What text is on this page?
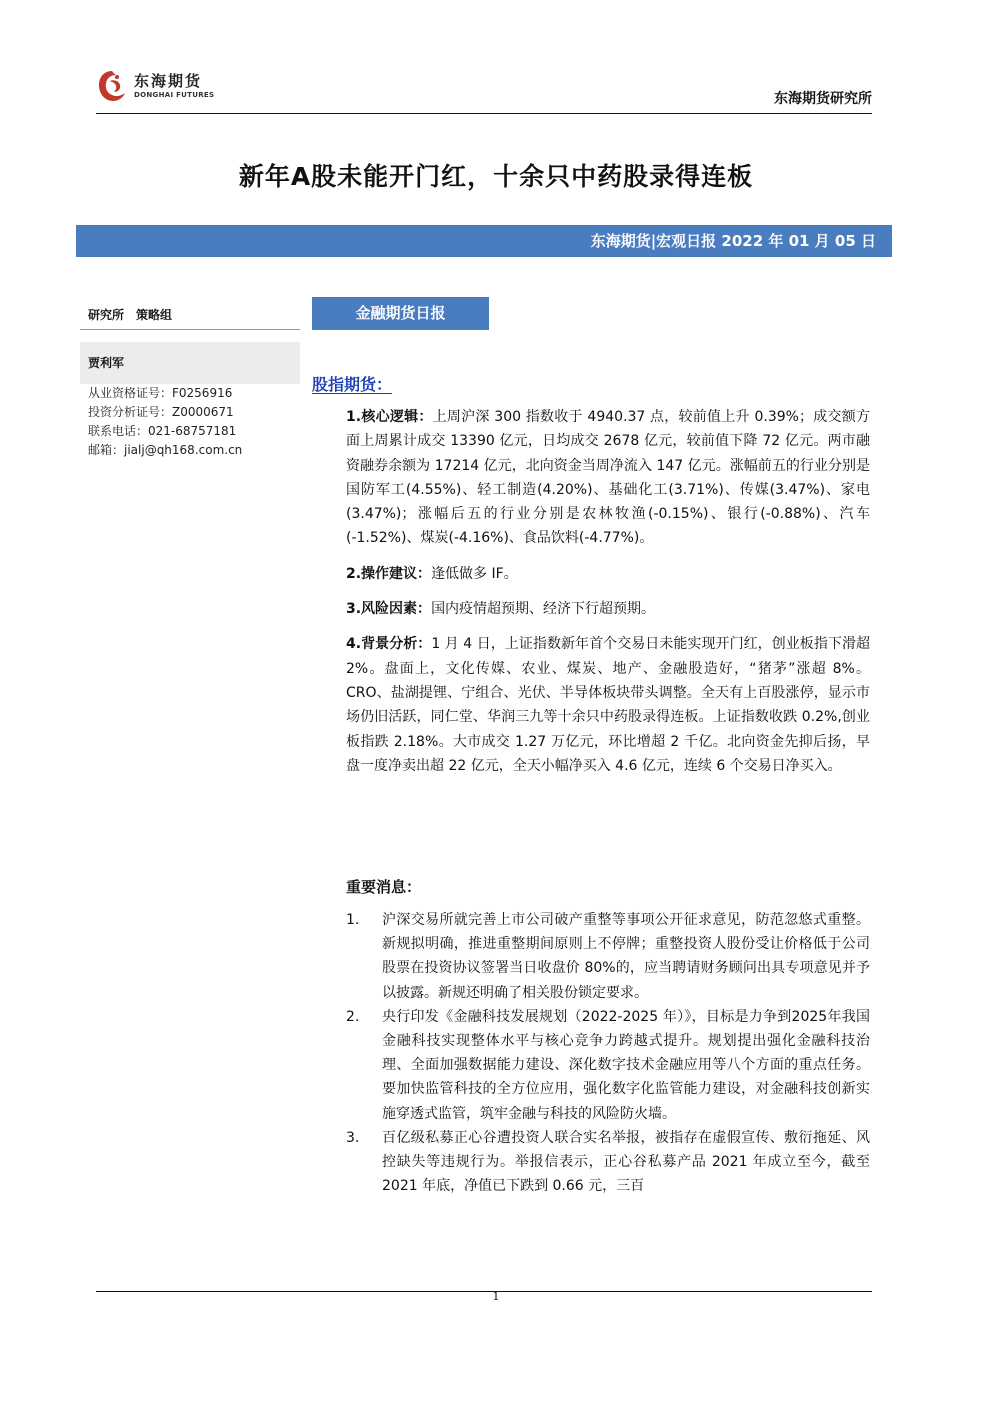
东海期货
DONGHAI FUTURES	东海期货研究所
新年A股未能开门红，十余只中药股录得连板
东海期货|宏观日报 2022 年 01 月 05 日
研究所　策略组
贾利军
从业资格证号：F0256916
投资分析证号：Z0000671
联系电话：021-68757181
邮箱：jialj@qh168.com.cn
金融期货日报
股指期货：

1.核心逻辑：上周沪深 300 指数收于 4940.37 点，较前值上升 0.39%；成交额方面上周累计成交 13390 亿元，日均成交 2678 亿元，较前值下降 72 亿元。两市融资融券余额为 17214 亿元，北向资金当周净流入 147 亿元。涨幅前五的行业分别是国防军工(4.55%)、轻工制造(4.20%)、基础化工(3.71%)、传媒(3.47%)、家电(3.47%)；涨幅后五的行业分别是农林牧渔(-0.15%)、银行(-0.88%)、汽车(-1.52%)、煤炭(-4.16%)、食品饮料(-4.77%)。

2.操作建议：逢低做多 IF。

3.风险因素：国内疫情超预期、经济下行超预期。

4.背景分析：1 月 4 日，上证指数新年首个交易日未能实现开门红，创业板指下滑超 2%。盘面上，文化传媒、农业、煤炭、地产、金融股造好，“猪茅”涨超 8%。CRO、盐湖提锂、宁组合、光伏、半导体板块带头调整。全天有上百股涨停，显示市场仍旧活跃，同仁堂、华润三九等十余只中药股录得连板。上证指数收跌 0.2%,创业板指跌 2.18%。大市成交 1.27 万亿元，环比增超 2 千亿。北向资金先抑后扬，早盘一度净卖出超 22 亿元，全天小幅净买入 4.6 亿元，连续 6 个交易日净买入。

重要消息：
1.	沪深交易所就完善上市公司破产重整等事项公开征求意见，防范忽悠式重整。新规拟明确，推进重整期间原则上不停牌；重整投资人股份受让价格低于公司股票在投资协议签署当日收盘价 80%的，应当聘请财务顾问出具专项意见并予以披露。新规还明确了相关股份锁定要求。
2.	央行印发《金融科技发展规划（2022-2025 年）》，目标是力争到2025年我国金融科技实现整体水平与核心竞争力跨越式提升。规划提出强化金融科技治理、全面加强数据能力建设、深化数字技术金融应用等八个方面的重点任务。要加快监管科技的全方位应用，强化数字化监管能力建设，对金融科技创新实施穿透式监管，筑牢金融与科技的风险防火墙。
3.	百亿级私募正心谷遭投资人联合实名举报，被指存在虚假宣传、敷衍拖延、风控缺失等违规行为。举报信表示，正心谷私募产品 2021 年成立至今，截至 2021 年底，净值已下跌到 0.66 元，三百
1
